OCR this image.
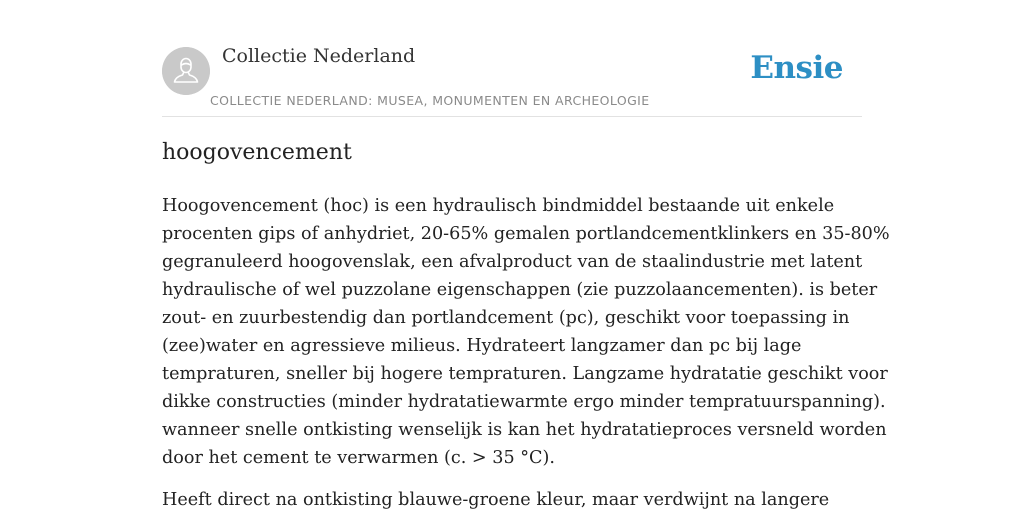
Collectie Nederland
COLLECTIE NEDERLAND: MUSEA, MONUMENTEN EN ARCHEOLOGIE
Ensie
hoogovencement

Hoogovencement (hoc) is een hydraulisch bindmiddel bestaande uit enkele
procenten gips of anhydriet, 20-65% gemalen portlandcementklinkers en 35-80%
gegranuleerd hoogovenslak, een afvalproduct van de staalindustrie met latent
hydraulische of wel puzzolane eigenschappen (zie puzzolaancementen). is beter
zout- en zuurbestendig dan portlandcement (pc), geschikt voor toepassing in
(zee)water en agressieve milieus. Hydrateert langzamer dan pc bij lage
tempraturen, sneller bij hogere tempraturen. Langzame hydratatie geschikt voor
dikke constructies (minder hydratatiewarmte ergo minder tempratuurspanning).
wanneer snelle ontkisting wenselijk is kan het hydratatieproces versneld worden
door het cement te verwarmen (c. > 35 °C).

Heeft direct na ontkisting blauwe-groene kleur, maar verdwijnt na langere
